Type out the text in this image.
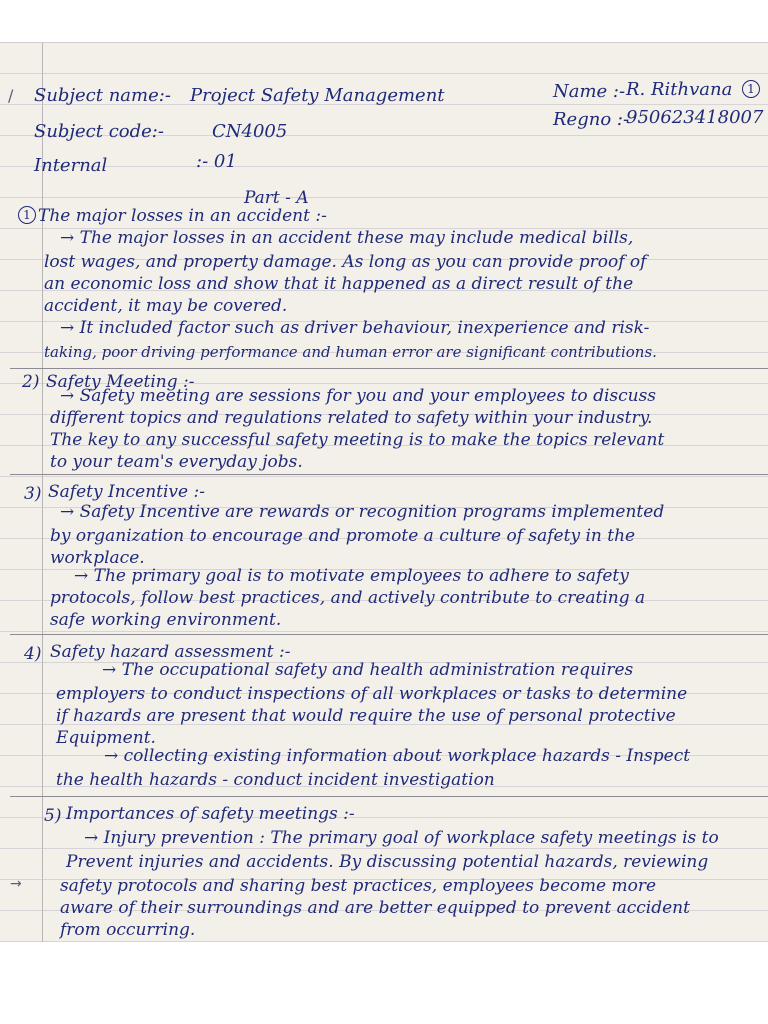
/
→
Subject name:- Project Safety Management
Subject code:-	CN4005
Internal	:- 01
Name :- R. Rithvana	1
Regno :-
950623418007
Part - A
1 The major losses in an accident :-
→ The major losses in an accident these may include medical bills,
lost wages, and property damage. As long as you can provide proof of
an economic loss and show that it happened as a direct result of the
accident, it may be covered.
→ It included factor such as driver behaviour, inexperience and risk-
taking, poor driving performance and human error are significant contributions.
2) Safety Meeting :-
→ Safety meeting are sessions for you and your employees to discuss
different topics and regulations related to safety within your industry.
The key to any successful safety meeting is to make the topics relevant
to your team's everyday jobs.
3) Safety Incentive :-
→ Safety Incentive are rewards or recognition programs implemented
by organization to encourage and promote a culture of safety in the
workplace.
→ The primary goal is to motivate employees to adhere to safety
protocols, follow best practices, and actively contribute to creating a
safe working environment.
4) Safety hazard assessment :-
→ The occupational safety and health administration requires
employers to conduct inspections of all workplaces or tasks to determine
if hazards are present that would require the use of personal protective
Equipment.
→ collecting existing information about workplace hazards - Inspect
the health hazards - conduct incident investigation
5) Importances of safety meetings :-
→ Injury prevention : The primary goal of workplace safety meetings is to
Prevent injuries and accidents. By discussing potential hazards, reviewing
safety protocols and sharing best practices, employees become more
aware of their surroundings and are better equipped to prevent accident
from occurring.
